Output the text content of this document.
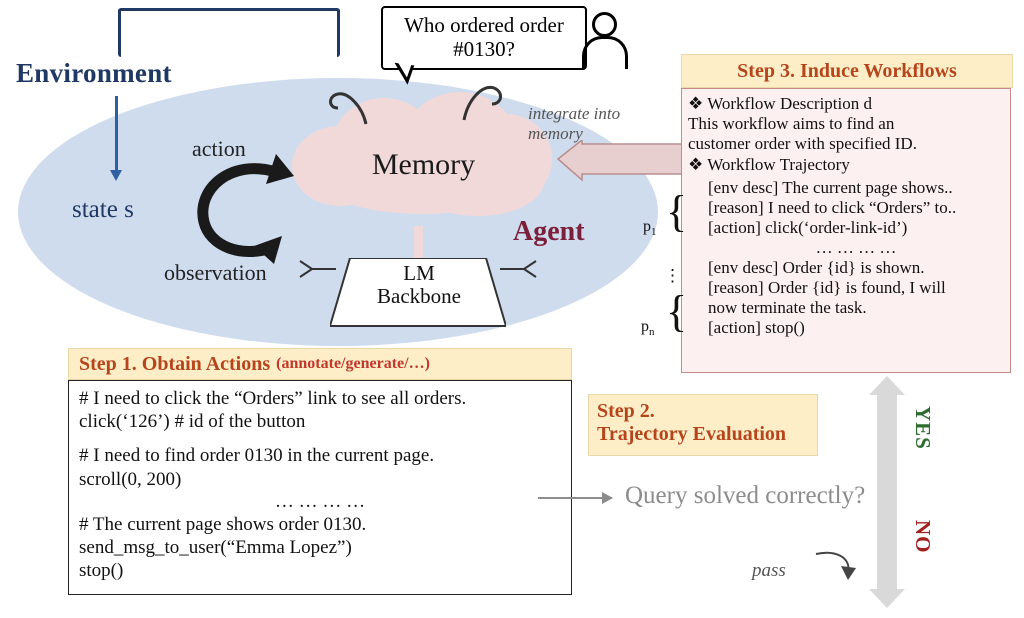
Environment
state s
Who ordered order #0130?
Memory
action
observation	LM
Backbone
Agent
integrate into memory
Step 3. Induce Workflows
❖ Workflow Description d
This workflow aims to find an
customer order with specified ID.
❖ Workflow Trajectory
[env desc] The current page shows..
[reason] I need to click “Orders” to..
[action] click(‘order-link-id’)
… … … …
[env desc] Order {id} is shown.
[reason] Order {id} is found, I will
now terminate the task.
[action] stop()
{
$p_1$
⋮
{
$p_n$
Step 1. Obtain Actions (annotate/generate/…)
# I need to click the “Orders” link to see all orders.
click(‘126’) # id of the button
# I need to find order 0130 in the current page.
scroll(0, 200)
… … … …
# The current page shows order 0130.
send_msg_to_user(“Emma Lopez”)
stop()
Step 2.
Trajectory Evaluation
Query solved correctly?
YES
NO
pass
